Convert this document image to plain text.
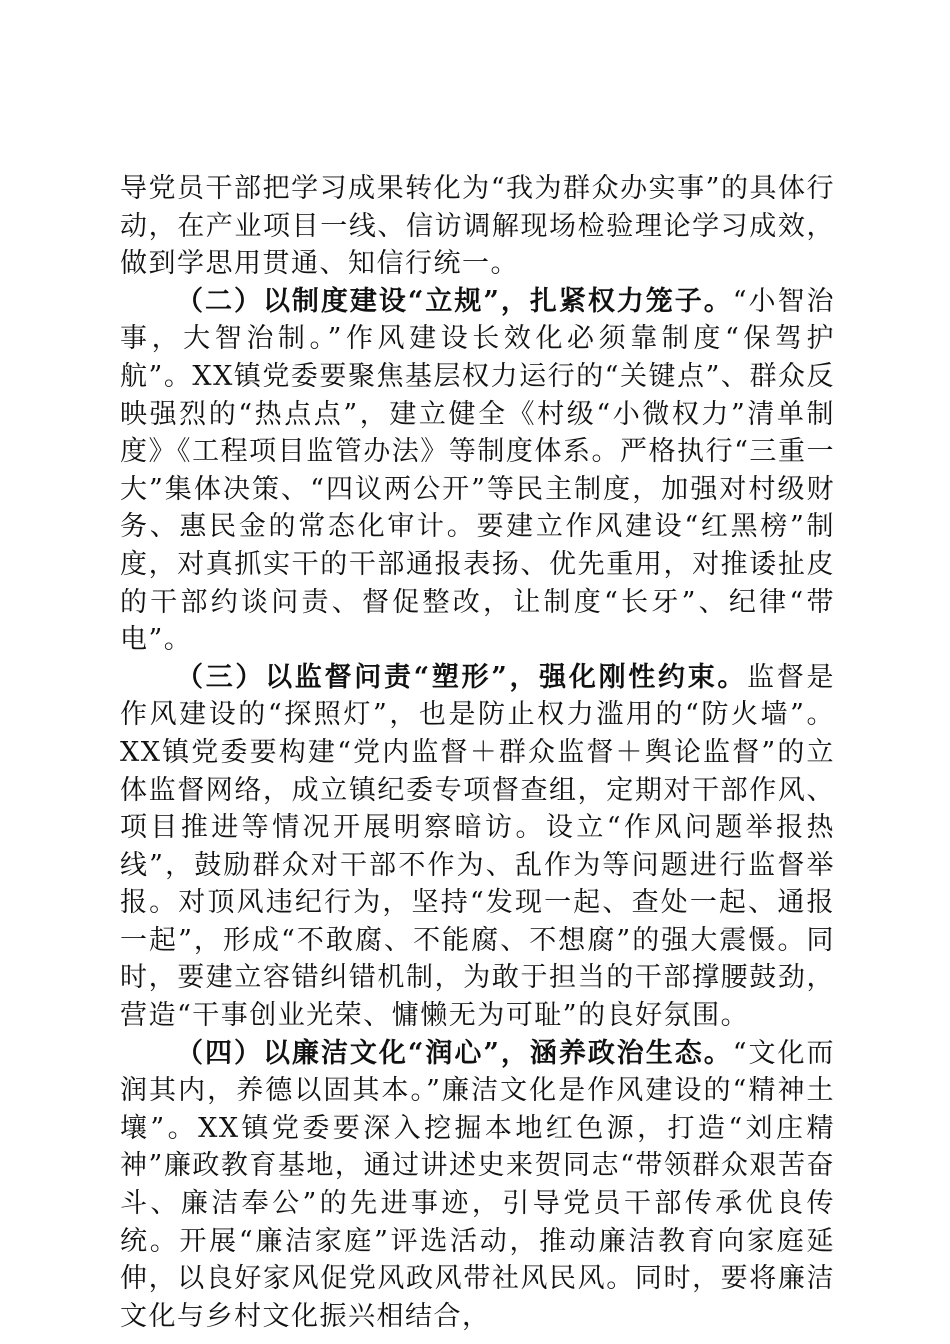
导党员干部把学习成果转化为“我为群众办实事”的具体行动，在产业项目一线、信访调解现场检验理论学习成效，做到学思用贯通、知信行统一。

（二）以制度建设“立规”，扎紧权力笼子。“小智治事，大智治制。”作风建设长效化必须靠制度“保驾护航”。XX镇党委要聚焦基层权力运行的“关键点”、群众反映强烈的“热点点”，建立健全《村级“小微权力”清单制度》《工程项目监管办法》等制度体系。严格执行“三重一大”集体决策、“四议两公开”等民主制度，加强对村级财务、惠民金的常态化审计。要建立作风建设“红黑榜”制度，对真抓实干的干部通报表扬、优先重用，对推诿扯皮的干部约谈问责、督促整改，让制度“长牙”、纪律“带电”。

（三）以监督问责“塑形”，强化刚性约束。监督是作风建设的“探照灯”，也是防止权力滥用的“防火墙”。XX镇党委要构建“党内监督＋群众监督＋舆论监督”的立体监督网络，成立镇纪委专项督查组，定期对干部作风、项目推进等情况开展明察暗访。设立“作风问题举报热线”，鼓励群众对干部不作为、乱作为等问题进行监督举报。对顶风违纪行为，坚持“发现一起、查处一起、通报一起”，形成“不敢腐、不能腐、不想腐”的强大震慑。同时，要建立容错纠错机制，为敢于担当的干部撑腰鼓劲，营造“干事创业光荣、慵懒无为可耻”的良好氛围。

（四）以廉洁文化“润心”，涵养政治生态。“文化而润其内，养德以固其本。”廉洁文化是作风建设的“精神土壤”。XX镇党委要深入挖掘本地红色源，打造“刘庄精神”廉政教育基地，通过讲述史来贺同志“带领群众艰苦奋斗、廉洁奉公”的先进事迹，引导党员干部传承优良传统。开展“廉洁家庭”评选活动，推动廉洁教育向家庭延伸，以良好家风促党风政风带社风民风。同时，要将廉洁文化与乡村文化振兴相结合，
